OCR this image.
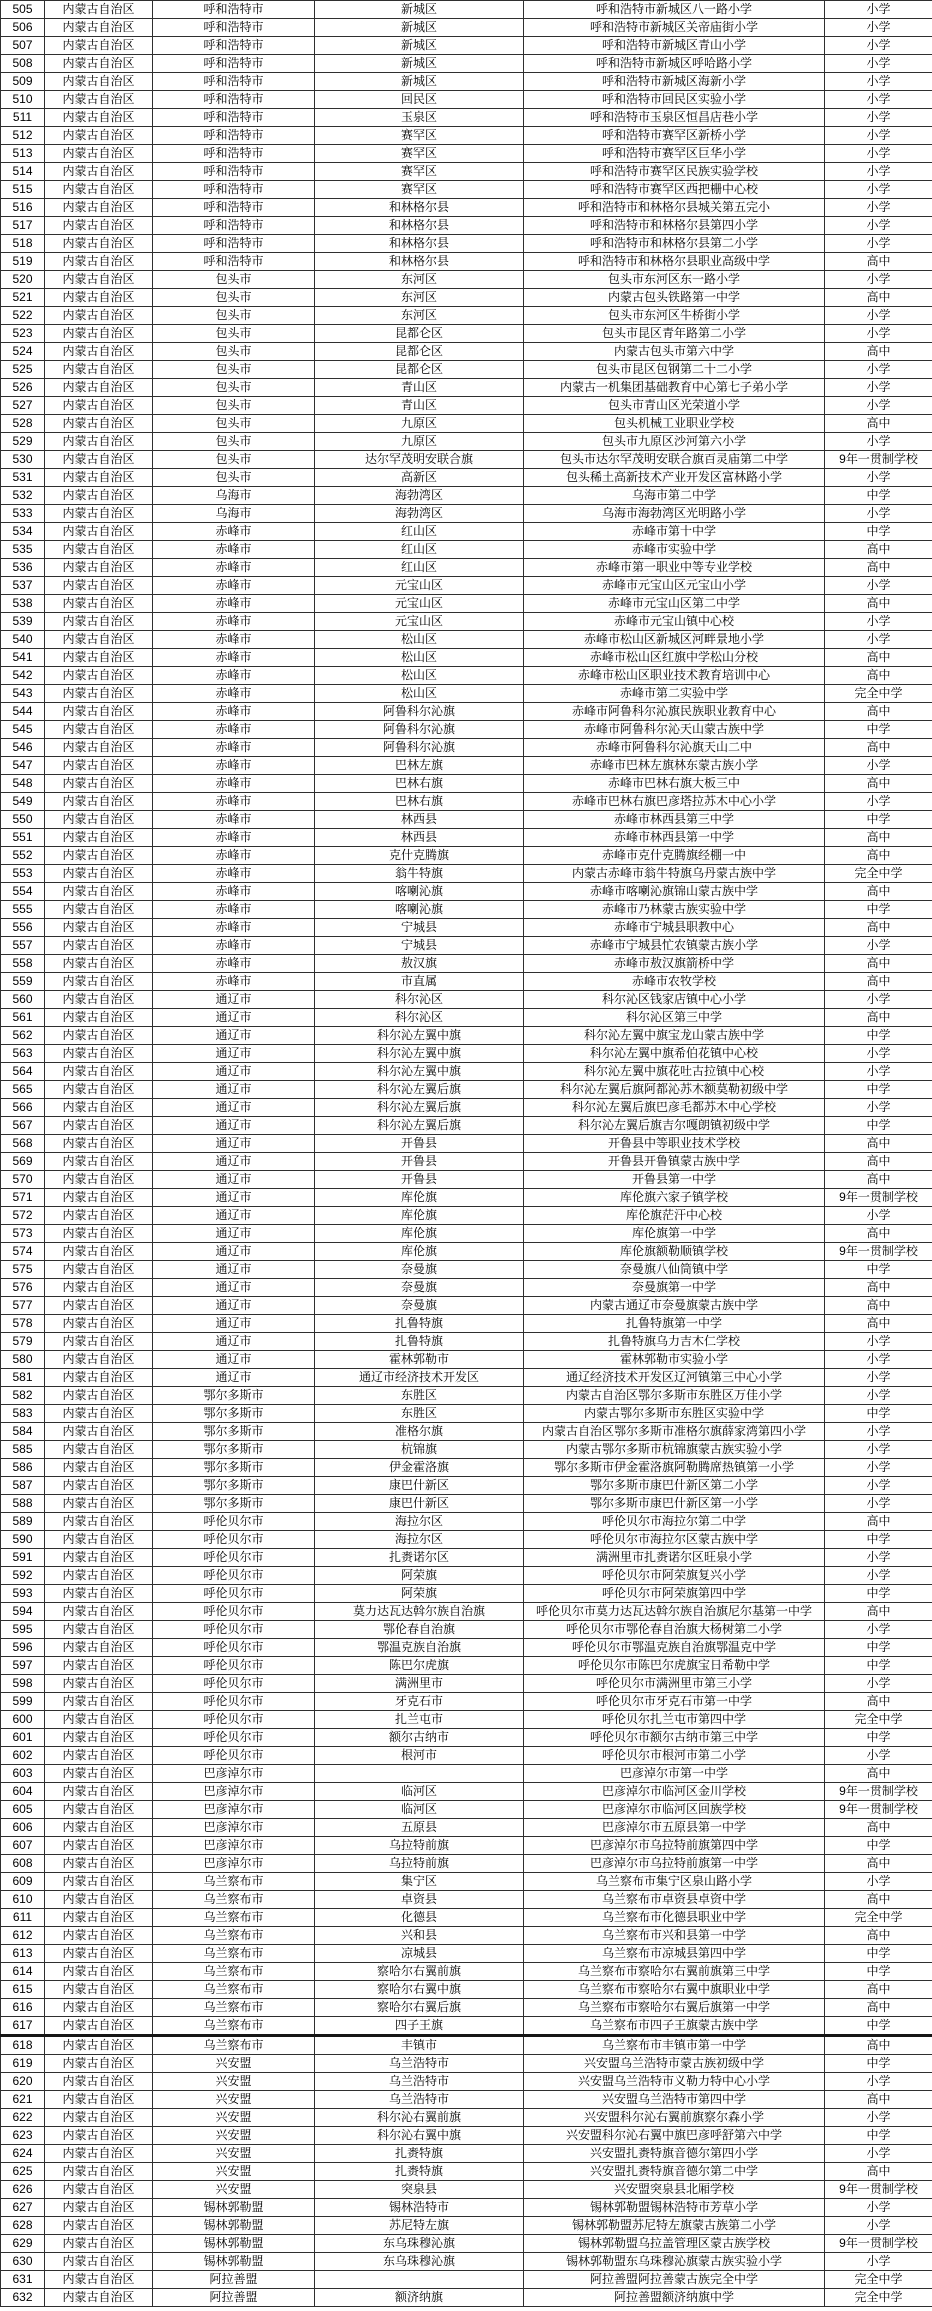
505	内蒙古自治区	呼和浩特市	新城区	呼和浩特市新城区八一路小学	小学
506	内蒙古自治区	呼和浩特市	新城区	呼和浩特市新城区关帝庙街小学	小学
507	内蒙古自治区	呼和浩特市	新城区	呼和浩特市新城区青山小学	小学
508	内蒙古自治区	呼和浩特市	新城区	呼和浩特市新城区呼哈路小学	小学
509	内蒙古自治区	呼和浩特市	新城区	呼和浩特市新城区海新小学	小学
510	内蒙古自治区	呼和浩特市	回民区	呼和浩特市回民区实验小学	小学
511	内蒙古自治区	呼和浩特市	玉泉区	呼和浩特市玉泉区恒昌店巷小学	小学
512	内蒙古自治区	呼和浩特市	赛罕区	呼和浩特市赛罕区新桥小学	小学
513	内蒙古自治区	呼和浩特市	赛罕区	呼和浩特市赛罕区巨华小学	小学
514	内蒙古自治区	呼和浩特市	赛罕区	呼和浩特市赛罕区民族实验学校	小学
515	内蒙古自治区	呼和浩特市	赛罕区	呼和浩特市赛罕区西把栅中心校	小学
516	内蒙古自治区	呼和浩特市	和林格尔县	呼和浩特市和林格尔县城关第五完小	小学
517	内蒙古自治区	呼和浩特市	和林格尔县	呼和浩特市和林格尔县第四小学	小学
518	内蒙古自治区	呼和浩特市	和林格尔县	呼和浩特市和林格尔县第二小学	小学
519	内蒙古自治区	呼和浩特市	和林格尔县	呼和浩特市和林格尔县职业高级中学	高中
520	内蒙古自治区	包头市	东河区	包头市东河区东一路小学	小学
521	内蒙古自治区	包头市	东河区	内蒙古包头铁路第一中学	高中
522	内蒙古自治区	包头市	东河区	包头市东河区牛桥街小学	小学
523	内蒙古自治区	包头市	昆都仑区	包头市昆区青年路第二小学	小学
524	内蒙古自治区	包头市	昆都仑区	内蒙古包头市第六中学	高中
525	内蒙古自治区	包头市	昆都仑区	包头市昆区包钢第二十二小学	小学
526	内蒙古自治区	包头市	青山区	内蒙古一机集团基础教育中心第七子弟小学	小学
527	内蒙古自治区	包头市	青山区	包头市青山区光荣道小学	小学
528	内蒙古自治区	包头市	九原区	包头机械工业职业学校	高中
529	内蒙古自治区	包头市	九原区	包头市九原区沙河第六小学	小学
530	内蒙古自治区	包头市	达尔罕茂明安联合旗	包头市达尔罕茂明安联合旗百灵庙第二中学	9年一贯制学校
531	内蒙古自治区	包头市	高新区	包头稀土高新技术产业开发区富林路小学	小学
532	内蒙古自治区	乌海市	海勃湾区	乌海市第二中学	中学
533	内蒙古自治区	乌海市	海勃湾区	乌海市海勃湾区光明路小学	小学
534	内蒙古自治区	赤峰市	红山区	赤峰市第十中学	中学
535	内蒙古自治区	赤峰市	红山区	赤峰市实验中学	高中
536	内蒙古自治区	赤峰市	红山区	赤峰市第一职业中等专业学校	高中
537	内蒙古自治区	赤峰市	元宝山区	赤峰市元宝山区元宝山小学	小学
538	内蒙古自治区	赤峰市	元宝山区	赤峰市元宝山区第二中学	高中
539	内蒙古自治区	赤峰市	元宝山区	赤峰市元宝山镇中心校	小学
540	内蒙古自治区	赤峰市	松山区	赤峰市松山区新城区河畔景地小学	小学
541	内蒙古自治区	赤峰市	松山区	赤峰市松山区红旗中学松山分校	高中
542	内蒙古自治区	赤峰市	松山区	赤峰市松山区职业技术教育培训中心	高中
543	内蒙古自治区	赤峰市	松山区	赤峰市第二实验中学	完全中学
544	内蒙古自治区	赤峰市	阿鲁科尔沁旗	赤峰市阿鲁科尔沁旗民族职业教育中心	高中
545	内蒙古自治区	赤峰市	阿鲁科尔沁旗	赤峰市阿鲁科尔沁天山蒙古族中学	中学
546	内蒙古自治区	赤峰市	阿鲁科尔沁旗	赤峰市阿鲁科尔沁旗天山二中	高中
547	内蒙古自治区	赤峰市	巴林左旗	赤峰市巴林左旗林东蒙古族小学	小学
548	内蒙古自治区	赤峰市	巴林右旗	赤峰市巴林右旗大板三中	高中
549	内蒙古自治区	赤峰市	巴林右旗	赤峰市巴林右旗巴彦塔拉苏木中心小学	小学
550	内蒙古自治区	赤峰市	林西县	赤峰市林西县第三中学	中学
551	内蒙古自治区	赤峰市	林西县	赤峰市林西县第一中学	高中
552	内蒙古自治区	赤峰市	克什克腾旗	赤峰市克什克腾旗经棚一中	高中
553	内蒙古自治区	赤峰市	翁牛特旗	内蒙古赤峰市翁牛特旗乌丹蒙古族中学	完全中学
554	内蒙古自治区	赤峰市	喀喇沁旗	赤峰市喀喇沁旗锦山蒙古族中学	高中
555	内蒙古自治区	赤峰市	喀喇沁旗	赤峰市乃林蒙古族实验中学	中学
556	内蒙古自治区	赤峰市	宁城县	赤峰市宁城县职教中心	高中
557	内蒙古自治区	赤峰市	宁城县	赤峰市宁城县忙农镇蒙古族小学	小学
558	内蒙古自治区	赤峰市	敖汉旗	赤峰市敖汉旗箭桥中学	高中
559	内蒙古自治区	赤峰市	市直属	赤峰市农牧学校	高中
560	内蒙古自治区	通辽市	科尔沁区	科尔沁区钱家店镇中心小学	小学
561	内蒙古自治区	通辽市	科尔沁区	科尔沁区第三中学	高中
562	内蒙古自治区	通辽市	科尔沁左翼中旗	科尔沁左翼中旗宝龙山蒙古族中学	中学
563	内蒙古自治区	通辽市	科尔沁左翼中旗	科尔沁左翼中旗希伯花镇中心校	小学
564	内蒙古自治区	通辽市	科尔沁左翼中旗	科尔沁左翼中旗花吐古拉镇中心校	小学
565	内蒙古自治区	通辽市	科尔沁左翼后旗	科尔沁左翼后旗阿都沁苏木额莫勒初级中学	中学
566	内蒙古自治区	通辽市	科尔沁左翼后旗	科尔沁左翼后旗巴彦毛都苏木中心学校	小学
567	内蒙古自治区	通辽市	科尔沁左翼后旗	科尔沁左翼后旗吉尔嘎朗镇初级中学	中学
568	内蒙古自治区	通辽市	开鲁县	开鲁县中等职业技术学校	高中
569	内蒙古自治区	通辽市	开鲁县	开鲁县开鲁镇蒙古族中学	高中
570	内蒙古自治区	通辽市	开鲁县	开鲁县第一中学	高中
571	内蒙古自治区	通辽市	库伦旗	库伦旗六家子镇学校	9年一贯制学校
572	内蒙古自治区	通辽市	库伦旗	库伦旗茫汗中心校	小学
573	内蒙古自治区	通辽市	库伦旗	库伦旗第一中学	高中
574	内蒙古自治区	通辽市	库伦旗	库伦旗额勒顺镇学校	9年一贯制学校
575	内蒙古自治区	通辽市	奈曼旗	奈曼旗八仙筒镇中学	中学
576	内蒙古自治区	通辽市	奈曼旗	奈曼旗第一中学	高中
577	内蒙古自治区	通辽市	奈曼旗	内蒙古通辽市奈曼旗蒙古族中学	高中
578	内蒙古自治区	通辽市	扎鲁特旗	扎鲁特旗第一中学	高中
579	内蒙古自治区	通辽市	扎鲁特旗	扎鲁特旗乌力吉木仁学校	小学
580	内蒙古自治区	通辽市	霍林郭勒市	霍林郭勒市实验小学	小学
581	内蒙古自治区	通辽市	通辽市经济技术开发区	通辽经济技术开发区辽河镇第三中心小学	小学
582	内蒙古自治区	鄂尔多斯市	东胜区	内蒙古自治区鄂尔多斯市东胜区万佳小学	小学
583	内蒙古自治区	鄂尔多斯市	东胜区	内蒙古鄂尔多斯市东胜区实验中学	中学
584	内蒙古自治区	鄂尔多斯市	准格尔旗	内蒙古自治区鄂尔多斯市准格尔旗薛家湾第四小学	小学
585	内蒙古自治区	鄂尔多斯市	杭锦旗	内蒙古鄂尔多斯市杭锦旗蒙古族实验小学	小学
586	内蒙古自治区	鄂尔多斯市	伊金霍洛旗	鄂尔多斯市伊金霍洛旗阿勒腾席热镇第一小学	小学
587	内蒙古自治区	鄂尔多斯市	康巴什新区	鄂尔多斯市康巴什新区第二小学	小学
588	内蒙古自治区	鄂尔多斯市	康巴什新区	鄂尔多斯市康巴什新区第一小学	小学
589	内蒙古自治区	呼伦贝尔市	海拉尔区	呼伦贝尔市海拉尔第二中学	高中
590	内蒙古自治区	呼伦贝尔市	海拉尔区	呼伦贝尔市海拉尔区蒙古族中学	中学
591	内蒙古自治区	呼伦贝尔市	扎赉诺尔区	满洲里市扎赉诺尔区旺泉小学	小学
592	内蒙古自治区	呼伦贝尔市	阿荣旗	呼伦贝尔市阿荣旗复兴小学	小学
593	内蒙古自治区	呼伦贝尔市	阿荣旗	呼伦贝尔市阿荣旗第四中学	中学
594	内蒙古自治区	呼伦贝尔市	莫力达瓦达斡尔族自治旗	呼伦贝尔市莫力达瓦达斡尔族自治旗尼尔基第一中学	高中
595	内蒙古自治区	呼伦贝尔市	鄂伦春自治旗	呼伦贝尔市鄂伦春自治旗大杨树第二小学	小学
596	内蒙古自治区	呼伦贝尔市	鄂温克族自治旗	呼伦贝尔市鄂温克族自治旗鄂温克中学	中学
597	内蒙古自治区	呼伦贝尔市	陈巴尔虎旗	呼伦贝尔市陈巴尔虎旗宝日希勒中学	中学
598	内蒙古自治区	呼伦贝尔市	满洲里市	呼伦贝尔市满洲里市第三小学	小学
599	内蒙古自治区	呼伦贝尔市	牙克石市	呼伦贝尔市牙克石市第一中学	高中
600	内蒙古自治区	呼伦贝尔市	扎兰屯市	呼伦贝尔扎兰屯市第四中学	完全中学
601	内蒙古自治区	呼伦贝尔市	额尔古纳市	呼伦贝尔市额尔古纳市第三中学	中学
602	内蒙古自治区	呼伦贝尔市	根河市	呼伦贝尔市根河市第二小学	小学
603	内蒙古自治区	巴彦淖尔市		巴彦淖尔市第一中学	高中
604	内蒙古自治区	巴彦淖尔市	临河区	巴彦淖尔市临河区金川学校	9年一贯制学校
605	内蒙古自治区	巴彦淖尔市	临河区	巴彦淖尔市临河区回族学校	9年一贯制学校
606	内蒙古自治区	巴彦淖尔市	五原县	巴彦淖尔市五原县第一中学	高中
607	内蒙古自治区	巴彦淖尔市	乌拉特前旗	巴彦淖尔市乌拉特前旗第四中学	中学
608	内蒙古自治区	巴彦淖尔市	乌拉特前旗	巴彦淖尔市乌拉特前旗第一中学	高中
609	内蒙古自治区	乌兰察布市	集宁区	乌兰察布市集宁区泉山路小学	小学
610	内蒙古自治区	乌兰察布市	卓资县	乌兰察布市卓资县卓资中学	高中
611	内蒙古自治区	乌兰察布市	化德县	乌兰察布市化德县职业中学	完全中学
612	内蒙古自治区	乌兰察布市	兴和县	乌兰察布市兴和县第一中学	高中
613	内蒙古自治区	乌兰察布市	凉城县	乌兰察布市凉城县第四中学	中学
614	内蒙古自治区	乌兰察布市	察哈尔右翼前旗	乌兰察布市察哈尔右翼前旗第三中学	中学
615	内蒙古自治区	乌兰察布市	察哈尔右翼中旗	乌兰察布市察哈尔右翼中旗职业中学	高中
616	内蒙古自治区	乌兰察布市	察哈尔右翼后旗	乌兰察布市察哈尔右翼后旗第一中学	高中
617	内蒙古自治区	乌兰察布市	四子王旗	乌兰察布市四子王旗蒙古族中学	中学
618	内蒙古自治区	乌兰察布市	丰镇市	乌兰察布市丰镇市第一中学	高中
619	内蒙古自治区	兴安盟	乌兰浩特市	兴安盟乌兰浩特市蒙古族初级中学	中学
620	内蒙古自治区	兴安盟	乌兰浩特市	兴安盟乌兰浩特市义勒力特中心小学	小学
621	内蒙古自治区	兴安盟	乌兰浩特市	兴安盟乌兰浩特市第四中学	高中
622	内蒙古自治区	兴安盟	科尔沁右翼前旗	兴安盟科尔沁右翼前旗察尔森小学	小学
623	内蒙古自治区	兴安盟	科尔沁右翼中旗	兴安盟科尔沁右翼中旗巴彦呼舒第六中学	中学
624	内蒙古自治区	兴安盟	扎赉特旗	兴安盟扎赉特旗音德尔第四小学	小学
625	内蒙古自治区	兴安盟	扎赉特旗	兴安盟扎赉特旗音德尔第二中学	高中
626	内蒙古自治区	兴安盟	突泉县	兴安盟突泉县北厢学校	9年一贯制学校
627	内蒙古自治区	锡林郭勒盟	锡林浩特市	锡林郭勒盟锡林浩特市芳草小学	小学
628	内蒙古自治区	锡林郭勒盟	苏尼特左旗	锡林郭勒盟苏尼特左旗蒙古族第二小学	小学
629	内蒙古自治区	锡林郭勒盟	东乌珠穆沁旗	锡林郭勒盟乌拉盖管理区蒙古族学校	9年一贯制学校
630	内蒙古自治区	锡林郭勒盟	东乌珠穆沁旗	锡林郭勒盟东乌珠穆沁旗蒙古族实验小学	小学
631	内蒙古自治区	阿拉善盟		阿拉善盟阿拉善蒙古族完全中学	完全中学
632	内蒙古自治区	阿拉善盟	额济纳旗	阿拉善盟额济纳旗中学	完全中学
